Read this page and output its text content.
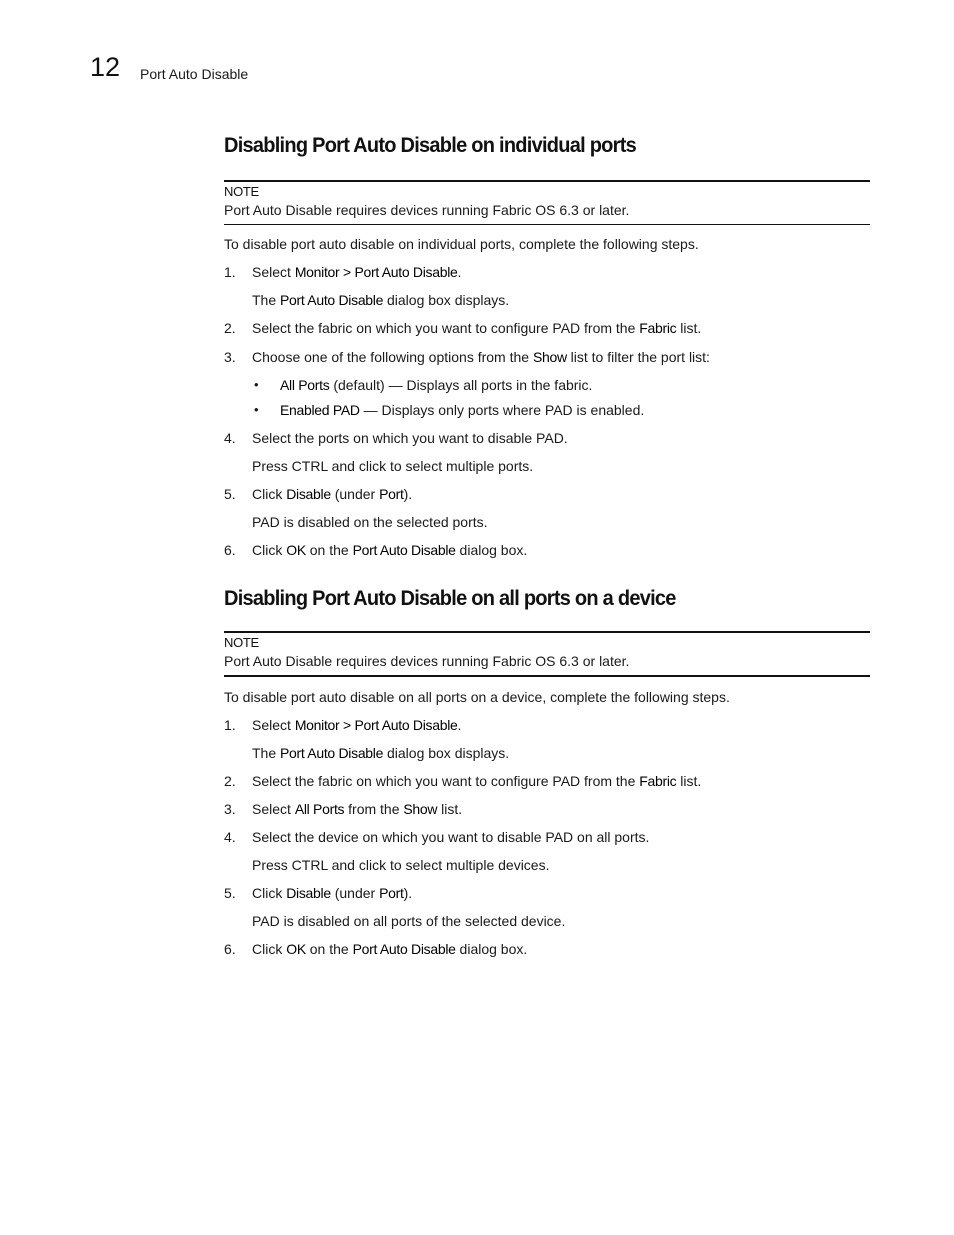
12 Port Auto Disable
Disabling Port Auto Disable on individual ports
NOTE
Port Auto Disable requires devices running Fabric OS 6.3 or later.
To disable port auto disable on individual ports, complete the following steps.
1. Select Monitor > Port Auto Disable.
The Port Auto Disable dialog box displays.
2. Select the fabric on which you want to configure PAD from the Fabric list.
3. Choose one of the following options from the Show list to filter the port list:
• All Ports (default) — Displays all ports in the fabric.
• Enabled PAD — Displays only ports where PAD is enabled.
4. Select the ports on which you want to disable PAD.
Press CTRL and click to select multiple ports.
5. Click Disable (under Port).
PAD is disabled on the selected ports.
6. Click OK on the Port Auto Disable dialog box.
Disabling Port Auto Disable on all ports on a device
NOTE
Port Auto Disable requires devices running Fabric OS 6.3 or later.
To disable port auto disable on all ports on a device, complete the following steps.
1. Select Monitor > Port Auto Disable.
The Port Auto Disable dialog box displays.
2. Select the fabric on which you want to configure PAD from the Fabric list.
3. Select All Ports from the Show list.
4. Select the device on which you want to disable PAD on all ports.
Press CTRL and click to select multiple devices.
5. Click Disable (under Port).
PAD is disabled on all ports of the selected device.
6. Click OK on the Port Auto Disable dialog box.
